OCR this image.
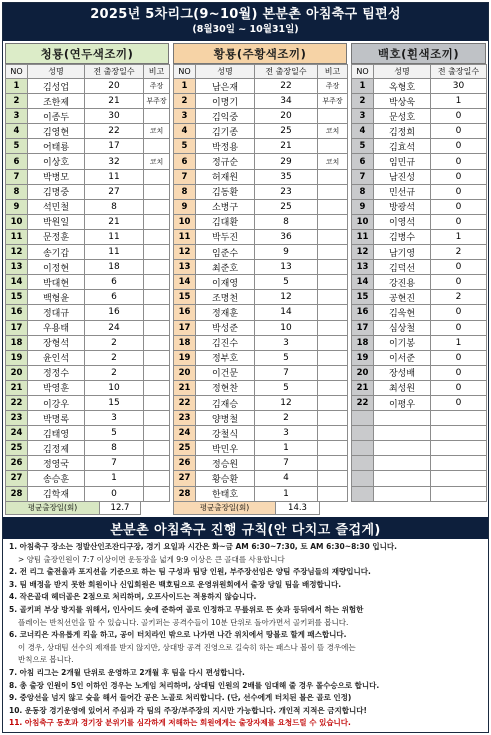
2025년 5차리그(9~10월) 본분촌 아침축구 팀편성
(8월30일 ~ 10월31일)
청룡(연두색조끼)
NO	성명	전 출장일수	비고
1	김성업	20	주장
2	조한제	21	부주장
3	이종두	30	
4	김영현	22	코치
5	어태룡	17	
6	이상호	32	코치
7	박병모	11	
8	김명중	27	
9	석민철	8	
10	박원일	21	
11	문정훈	11	
12	송기갑	11	
13	이정현	18	
14	박대현	6	
15	백형윤	6	
16	정대규	16	
17	우용태	24	
18	장형석	2	
19	윤인석	2	
20	정정수	2	
21	박영훈	10	
22	이강우	15	
23	박명록	3	
24	김태영	5	
25	김정제	8	
26	정영국	7	
27	송승훈	1	
28	김학재	0	
평균출장일(회)	12.7
황룡(주황색조끼)
NO	성명	전 출장일수	비고
1	남은재	22	주장
2	이명기	34	부주장
3	김익중	20	
4	김기종	25	코치
5	박정용	21	
6	정규순	29	코치
7	허재원	35	
8	김동환	23	
9	소병구	25	
10	김대환	8	
11	박두진	36	
12	임준수	9	
13	최준호	13	
14	이재영	5	
15	조명천	12	
16	정재훈	14	
17	박성준	10	
18	김진수	3	
19	정부호	5	
20	이건문	7	
21	정현찬	5	
22	김재승	12	
23	양병철	2	
24	강철식	3	
25	박민우	1	
26	정승원	7	
27	황승환	4	
28	한태호	1	
평균출장일(회)	14.3
백호(흰색조끼)
NO	성명	전 출장일수
1	옥형호	30
2	박상욱	1
3	문성호	0
4	김정희	0
5	김효석	0
6	임민규	0
7	남진성	0
8	민선규	0
9	방광석	0
10	이영석	0
11	김병수	1
12	남기영	2
13	김덕선	0
14	강진용	0
15	공현진	2
16	김욱현	0
17	심상철	0
18	이기봉	1
19	이서준	0
20	장성배	0
21	최성원	0
22	이평우	0

본분촌 아침축구 진행 규칙(안 다치고 즐겁게)
1. 아침축구 장소는 정발산인조잔디구장, 경기 요일과 시간은 화~금 AM 6:30~7:30, 토 AM 6:30~8:30 입니다.
> 양팀 출장인원이 7:7 이상이면 운동장을 넓게 9:9 이상은 큰 골대를 사용합니다
2. 전 리그 출전율과 포지션을 기준으로 하는 팀 구성과 팀당 인원, 부주장선임은 양팀 주장님들의 재량입니다.
3. 팀 배정을 받지 못한 회원이나 신입회원은 백호팀으로 운영위원회에서 출장 당일 팀을 배정합니다.
4. 작은골대 헤더골은 2점으로 처리하며, 오프사이드는 적용하지 않습니다.
5. 골키퍼 부상 방지를 위해서, 인사이드 숏에 준하여 골로 인정하고 무릎위로 뜬 숏과 등뒤에서 하는 위험한
플레이는 반칙선언을 할 수 있습니다. 골키퍼는 공격수들이 10분 단위로 돌아가면서 골키퍼를 봅니다.
6. 코너킥은 자유롭게 킥을 하고, 공이 터치라인 밖으로 나가면 나간 위치에서 땅볼로 할게 패스합니다.
이 경우, 상대팀 선수의 제재를 받지 않지만, 상대방 공격 진영으로 길숙히 하는 패스나 볼이 뜰 경우에는
반칙으로 봅니다.
7. 아침 리그는 2개월 단위로 운영하고 2개월 후 팀을 다시 편성합니다.
8. 총 출장 인원이 5인 이하인 경우는 노게임 처리하며, 상대팀 인원의 2배를 임대해 줄 경우 몰수승으로 합니다.
9. 중앙선을 넘지 않고 슛을 해서 들어간 공은 노골로 처리합니다. (단, 선수에게 터치된 볼은 골로 인정)
10. 운동장 경기운영에 있어서 주심과 각 팀의 주장/부주장의 지시만 가능합니다. 개인적 지적은 금지합니다!
11. 아침축구 동호과 경기장 분위기를 심각하게 저해하는 회원에게는 출장자제를 요청드릴 수 있습니다.
